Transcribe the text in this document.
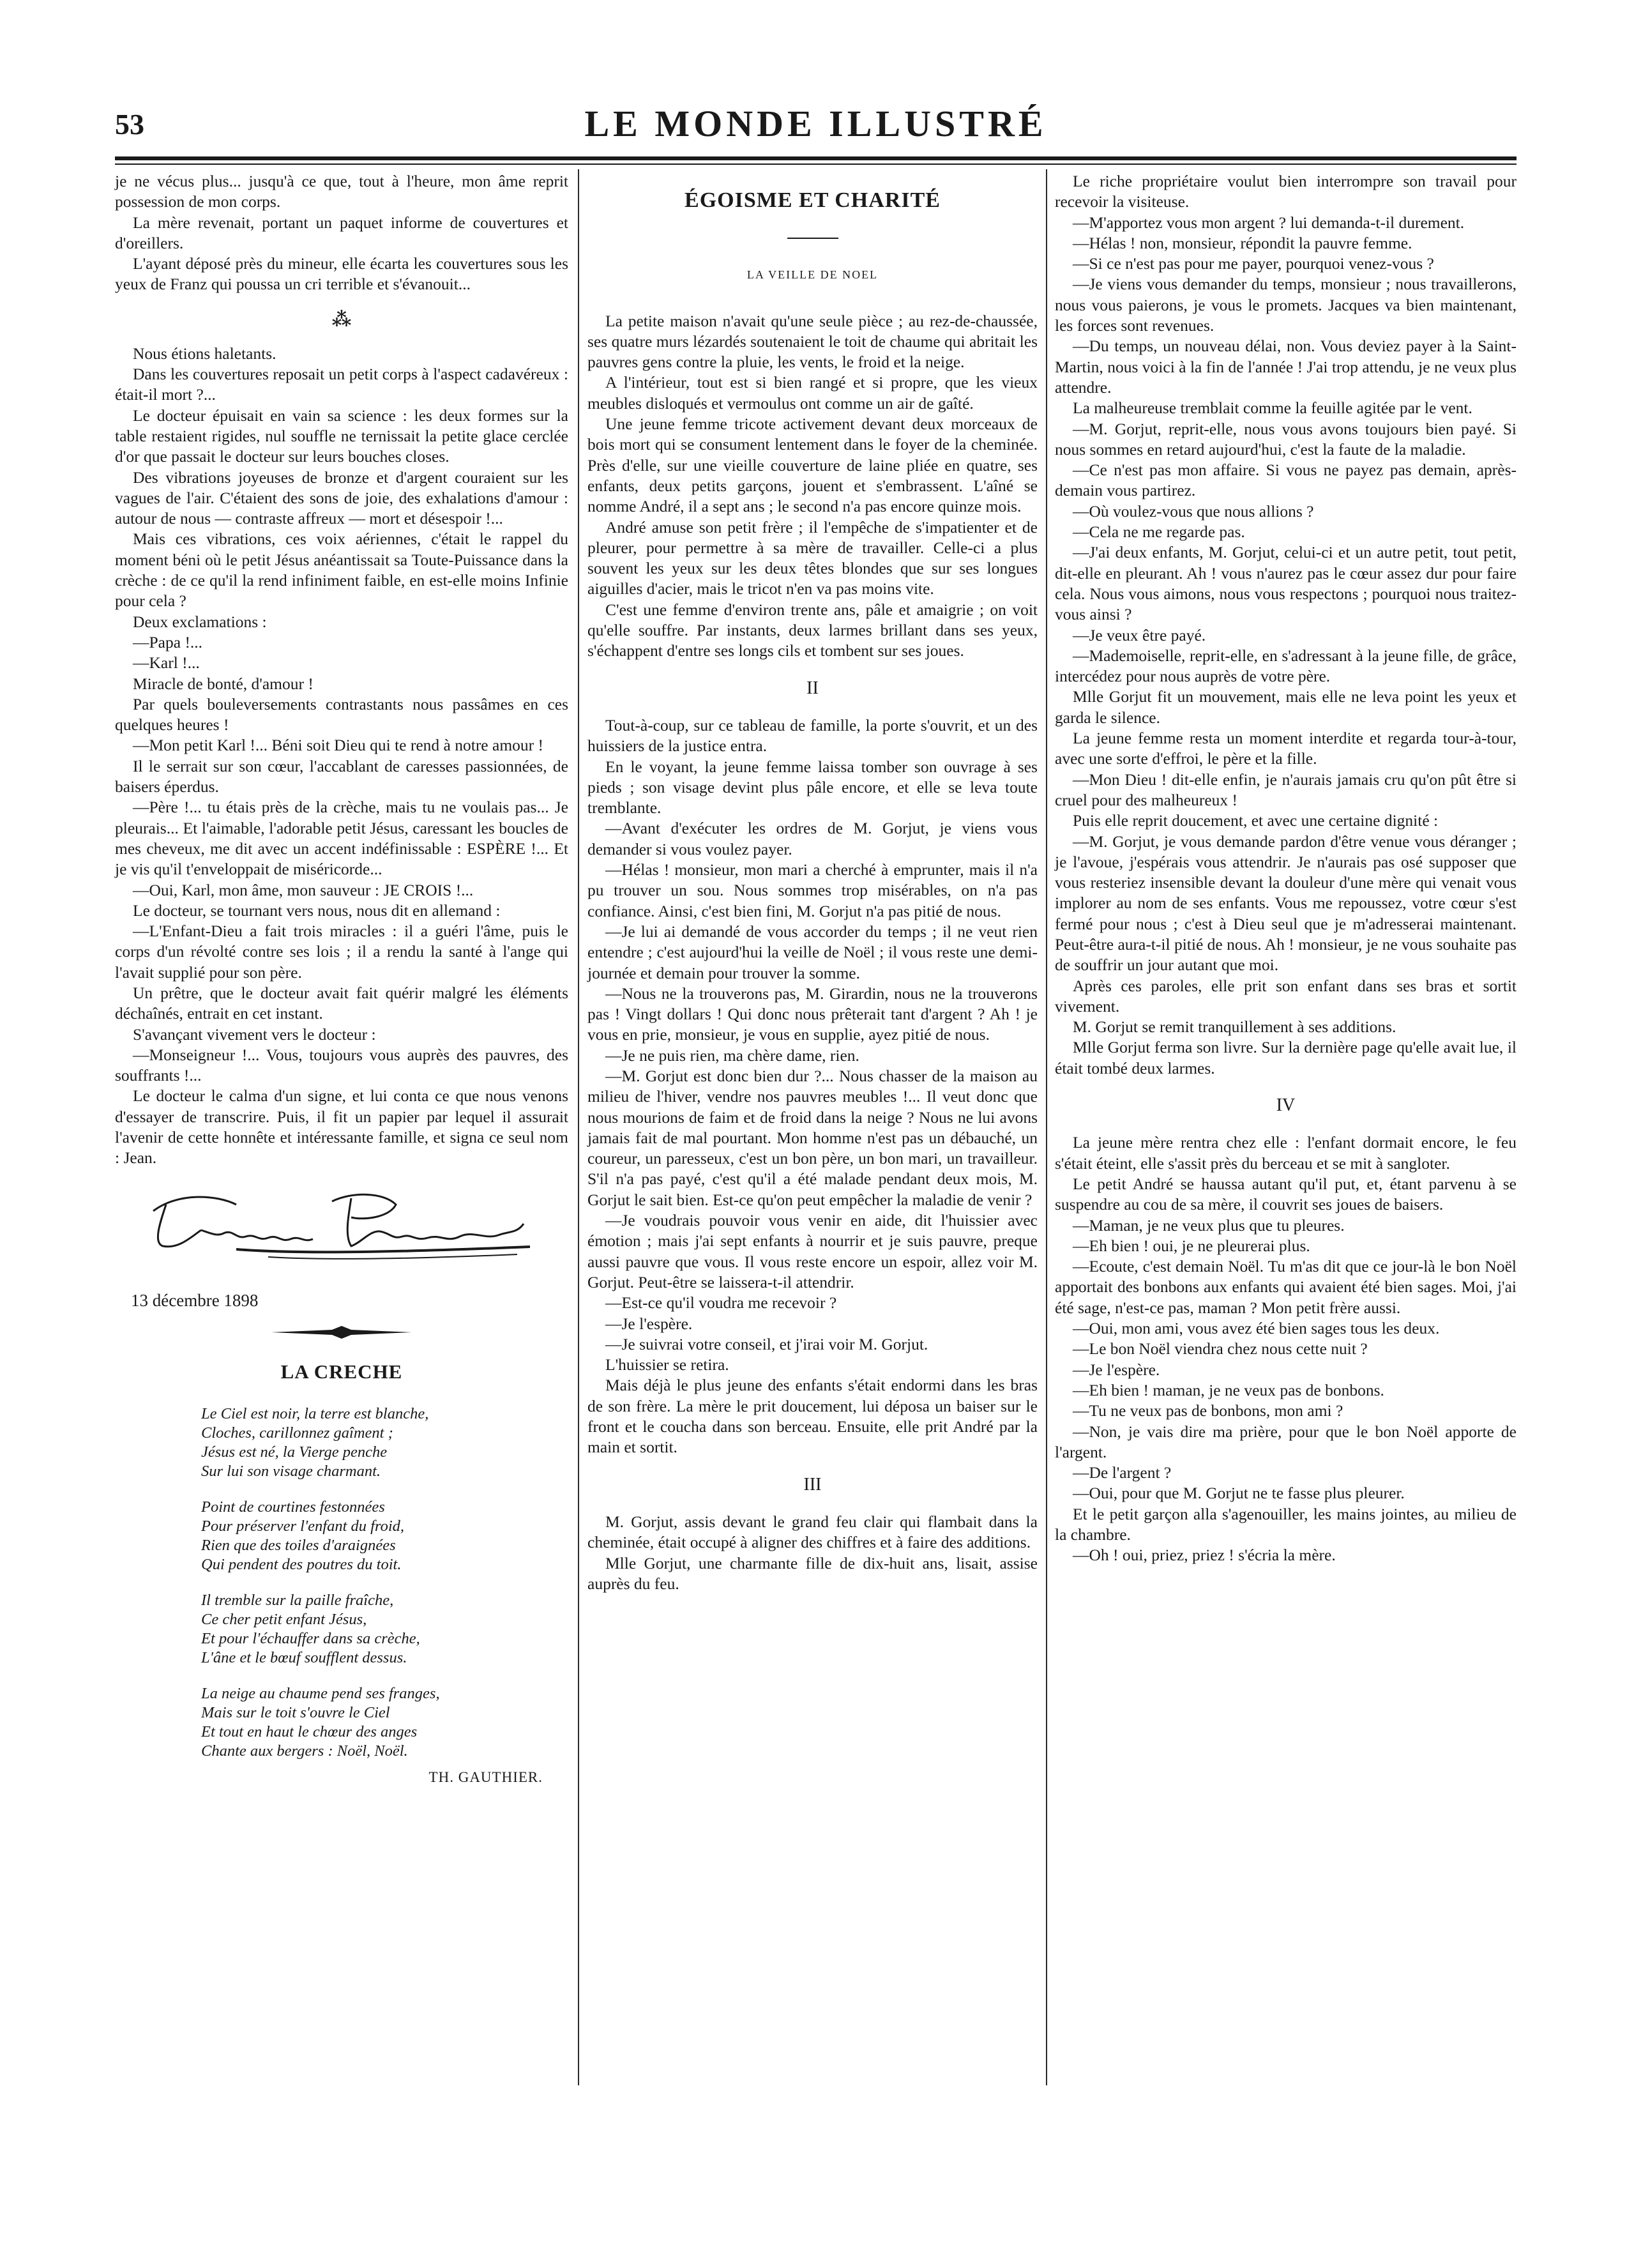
53	LE MONDE ILLUSTRÉ

je ne vécus plus... jusqu'à ce que, tout à l'heure, mon âme reprit possession de mon corps.

La mère revenait, portant un paquet informe de couvertures et d'oreillers.

L'ayant déposé près du mineur, elle écarta les couvertures sous les yeux de Franz qui poussa un cri terrible et s'évanouit...

⁂

Nous étions haletants.

Dans les couvertures reposait un petit corps à l'aspect cadavéreux : était-il mort ?...

Le docteur épuisait en vain sa science : les deux formes sur la table restaient rigides, nul souffle ne ternissait la petite glace cerclée d'or que passait le docteur sur leurs bouches closes.

Des vibrations joyeuses de bronze et d'argent couraient sur les vagues de l'air. C'étaient des sons de joie, des exhalations d'amour : autour de nous — contraste affreux — mort et désespoir !...

Mais ces vibrations, ces voix aériennes, c'était le rappel du moment béni où le petit Jésus anéantissait sa Toute-Puissance dans la crèche : de ce qu'il la rend infiniment faible, en est-elle moins Infinie pour cela ?

Deux exclamations :

—Papa !...

—Karl !...

Miracle de bonté, d'amour !

Par quels bouleversements contrastants nous passâmes en ces quelques heures !

—Mon petit Karl !... Béni soit Dieu qui te rend à notre amour !

Il le serrait sur son cœur, l'accablant de caresses passionnées, de baisers éperdus.

—Père !... tu étais près de la crèche, mais tu ne voulais pas... Je pleurais... Et l'aimable, l'adorable petit Jésus, caressant les boucles de mes cheveux, me dit avec un accent indéfinissable : ESPÈRE !... Et je vis qu'il t'enveloppait de miséricorde...

—Oui, Karl, mon âme, mon sauveur : JE CROIS !...

Le docteur, se tournant vers nous, nous dit en allemand :

—L'Enfant-Dieu a fait trois miracles : il a guéri l'âme, puis le corps d'un révolté contre ses lois ; il a rendu la santé à l'ange qui l'avait supplié pour son père.

Un prêtre, que le docteur avait fait quérir malgré les éléments déchaînés, entrait en cet instant.

S'avançant vivement vers le docteur :

—Monseigneur !... Vous, toujours vous auprès des pauvres, des souffrants !...

Le docteur le calma d'un signe, et lui conta ce que nous venons d'essayer de transcrire. Puis, il fit un papier par lequel il assurait l'avenir de cette honnête et intéressante famille, et signa ce seul nom : Jean.

13 décembre 1898
LA CRECHE
Le Ciel est noir, la terre est blanche,
Cloches, carillonnez gaîment ;
Jésus est né, la Vierge penche
Sur lui son visage charmant.
Point de courtines festonnées
Pour préserver l'enfant du froid,
Rien que des toiles d'araignées
Qui pendent des poutres du toit.
Il tremble sur la paille fraîche,
Ce cher petit enfant Jésus,
Et pour l'échauffer dans sa crèche,
L'âne et le bœuf soufflent dessus.
La neige au chaume pend ses franges,
Mais sur le toit s'ouvre le Ciel
Et tout en haut le chœur des anges
Chante aux bergers : Noël, Noël.
TH. GAUTHIER.
ÉGOISME ET CHARITÉ
LA VEILLE DE NOEL

La petite maison n'avait qu'une seule pièce ; au rez-de-chaussée, ses quatre murs lézardés soutenaient le toit de chaume qui abritait les pauvres gens contre la pluie, les vents, le froid et la neige.

A l'intérieur, tout est si bien rangé et si propre, que les vieux meubles disloqués et vermoulus ont comme un air de gaîté.

Une jeune femme tricote activement devant deux morceaux de bois mort qui se consument lentement dans le foyer de la cheminée. Près d'elle, sur une vieille couverture de laine pliée en quatre, ses enfants, deux petits garçons, jouent et s'embrassent. L'aîné se nomme André, il a sept ans ; le second n'a pas encore quinze mois.

André amuse son petit frère ; il l'empêche de s'impatienter et de pleurer, pour permettre à sa mère de travailler. Celle-ci a plus souvent les yeux sur les deux têtes blondes que sur ses longues aiguilles d'acier, mais le tricot n'en va pas moins vite.

C'est une femme d'environ trente ans, pâle et amaigrie ; on voit qu'elle souffre. Par instants, deux larmes brillant dans ses yeux, s'échappent d'entre ses longs cils et tombent sur ses joues.

II

Tout-à-coup, sur ce tableau de famille, la porte s'ouvrit, et un des huissiers de la justice entra.

En le voyant, la jeune femme laissa tomber son ouvrage à ses pieds ; son visage devint plus pâle encore, et elle se leva toute tremblante.

—Avant d'exécuter les ordres de M. Gorjut, je viens vous demander si vous voulez payer.

—Hélas ! monsieur, mon mari a cherché à emprunter, mais il n'a pu trouver un sou. Nous sommes trop misérables, on n'a pas confiance. Ainsi, c'est bien fini, M. Gorjut n'a pas pitié de nous.

—Je lui ai demandé de vous accorder du temps ; il ne veut rien entendre ; c'est aujourd'hui la veille de Noël ; il vous reste une demi-journée et demain pour trouver la somme.

—Nous ne la trouverons pas, M. Girardin, nous ne la trouverons pas ! Vingt dollars ! Qui donc nous prêterait tant d'argent ? Ah ! je vous en prie, monsieur, je vous en supplie, ayez pitié de nous.

—Je ne puis rien, ma chère dame, rien.

—M. Gorjut est donc bien dur ?... Nous chasser de la maison au milieu de l'hiver, vendre nos pauvres meubles !... Il veut donc que nous mourions de faim et de froid dans la neige ? Nous ne lui avons jamais fait de mal pourtant. Mon homme n'est pas un débauché, un coureur, un paresseux, c'est un bon père, un bon mari, un travailleur. S'il n'a pas payé, c'est qu'il a été malade pendant deux mois, M. Gorjut le sait bien. Est-ce qu'on peut empêcher la maladie de venir ?

—Je voudrais pouvoir vous venir en aide, dit l'huissier avec émotion ; mais j'ai sept enfants à nourrir et je suis pauvre, preque aussi pauvre que vous. Il vous reste encore un espoir, allez voir M. Gorjut. Peut-être se laissera-t-il attendrir.

—Est-ce qu'il voudra me recevoir ?

—Je l'espère.

—Je suivrai votre conseil, et j'irai voir M. Gorjut.

L'huissier se retira.

Mais déjà le plus jeune des enfants s'était endormi dans les bras de son frère. La mère le prit doucement, lui déposa un baiser sur le front et le coucha dans son berceau. Ensuite, elle prit André par la main et sortit.

III

M. Gorjut, assis devant le grand feu clair qui flambait dans la cheminée, était occupé à aligner des chiffres et à faire des additions.

Mlle Gorjut, une charmante fille de dix-huit ans, lisait, assise auprès du feu.

Le riche propriétaire voulut bien interrompre son travail pour recevoir la visiteuse.

—M'apportez vous mon argent ? lui demanda-t-il durement.

—Hélas ! non, monsieur, répondit la pauvre femme.

—Si ce n'est pas pour me payer, pourquoi venez-vous ?

—Je viens vous demander du temps, monsieur ; nous travaillerons, nous vous paierons, je vous le promets. Jacques va bien maintenant, les forces sont revenues.

—Du temps, un nouveau délai, non. Vous deviez payer à la Saint-Martin, nous voici à la fin de l'année ! J'ai trop attendu, je ne veux plus attendre.

La malheureuse tremblait comme la feuille agitée par le vent.

—M. Gorjut, reprit-elle, nous vous avons toujours bien payé. Si nous sommes en retard aujourd'hui, c'est la faute de la maladie.

—Ce n'est pas mon affaire. Si vous ne payez pas demain, après-demain vous partirez.

—Où voulez-vous que nous allions ?

—Cela ne me regarde pas.

—J'ai deux enfants, M. Gorjut, celui-ci et un autre petit, tout petit, dit-elle en pleurant. Ah ! vous n'aurez pas le cœur assez dur pour faire cela. Nous vous aimons, nous vous respectons ; pourquoi nous traitez-vous ainsi ?

—Je veux être payé.

—Mademoiselle, reprit-elle, en s'adressant à la jeune fille, de grâce, intercédez pour nous auprès de votre père.

Mlle Gorjut fit un mouvement, mais elle ne leva point les yeux et garda le silence.

La jeune femme resta un moment interdite et regarda tour-à-tour, avec une sorte d'effroi, le père et la fille.

—Mon Dieu ! dit-elle enfin, je n'aurais jamais cru qu'on pût être si cruel pour des malheureux !

Puis elle reprit doucement, et avec une certaine dignité :

—M. Gorjut, je vous demande pardon d'être venue vous déranger ; je l'avoue, j'espérais vous attendrir. Je n'aurais pas osé supposer que vous resteriez insensible devant la douleur d'une mère qui venait vous implorer au nom de ses enfants. Vous me repoussez, votre cœur s'est fermé pour nous ; c'est à Dieu seul que je m'adresserai maintenant. Peut-être aura-t-il pitié de nous. Ah ! monsieur, je ne vous souhaite pas de souffrir un jour autant que moi.

Après ces paroles, elle prit son enfant dans ses bras et sortit vivement.

M. Gorjut se remit tranquillement à ses additions.

Mlle Gorjut ferma son livre. Sur la dernière page qu'elle avait lue, il était tombé deux larmes.

IV

La jeune mère rentra chez elle : l'enfant dormait encore, le feu s'était éteint, elle s'assit près du berceau et se mit à sangloter.

Le petit André se haussa autant qu'il put, et, étant parvenu à se suspendre au cou de sa mère, il couvrit ses joues de baisers.

—Maman, je ne veux plus que tu pleures.

—Eh bien ! oui, je ne pleurerai plus.

—Ecoute, c'est demain Noël. Tu m'as dit que ce jour-là le bon Noël apportait des bonbons aux enfants qui avaient été bien sages. Moi, j'ai été sage, n'est-ce pas, maman ? Mon petit frère aussi.

—Oui, mon ami, vous avez été bien sages tous les deux.

—Le bon Noël viendra chez nous cette nuit ?

—Je l'espère.

—Eh bien ! maman, je ne veux pas de bonbons.

—Tu ne veux pas de bonbons, mon ami ?

—Non, je vais dire ma prière, pour que le bon Noël apporte de l'argent.

—De l'argent ?

—Oui, pour que M. Gorjut ne te fasse plus pleurer.

Et le petit garçon alla s'agenouiller, les mains jointes, au milieu de la chambre.

—Oh ! oui, priez, priez ! s'écria la mère.
